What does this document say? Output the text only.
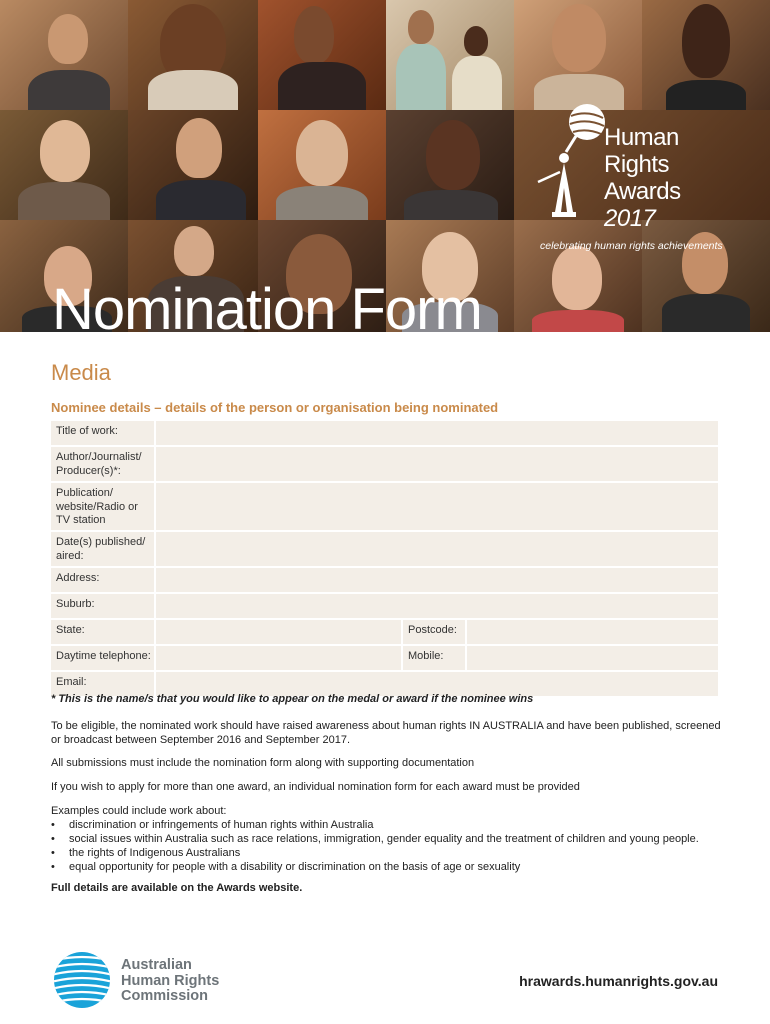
Human
Rights
Awards
2017
celebrating human rights achievements
Nomination Form
Media
Nominee details – details of the person or organisation being nominated
Title of work:
Author/Journalist/ Producer(s)*:
Publication/ website/Radio or TV station
Date(s) published/ aired:
Address:
Suburb:
State:	Postcode:
Daytime telephone:	Mobile:
Email:
* This is the name/s that you would like to appear on the medal or award if the nominee wins
To be eligible, the nominated work should have raised awareness about human rights IN AUSTRALIA and have been published, screened or broadcast between September 2016 and September 2017.
All submissions must include the nomination form along with supporting documentation
If you wish to apply for more than one award, an individual nomination form for each award must be provided
Examples could include work about:
• discrimination or infringements of human rights within Australia
• social issues within Australia such as race relations, immigration, gender equality and the treatment of children and young people.
• the rights of Indigenous Australians
• equal opportunity for people with a disability or discrimination on the basis of age or sexuality
Full details are available on the Awards website.
Australian
Human Rights
Commission
hrawards.humanrights.gov.au
